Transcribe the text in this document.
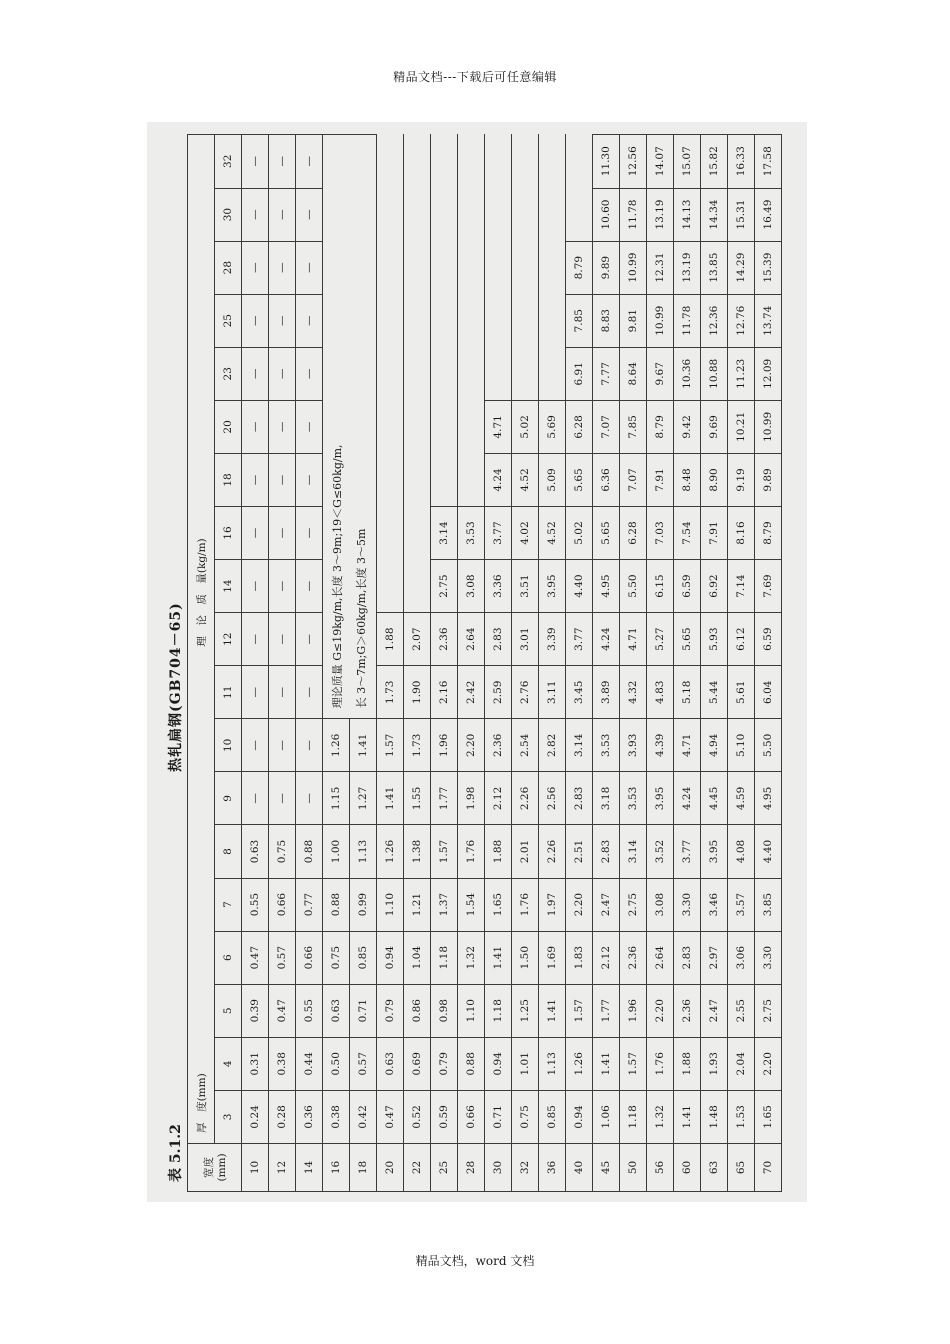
精品文档---下载后可任意编辑
表 5.1.2
热轧扁钢(GB704－65)
宽度 (mm)	厚　度(mm)  理　论　质　量(kg/m)																		
	3	4	5	6	7	8	9	10	11	12	14	16	18	20	23	25	28	30	32
10	0.24	0.31	0.39	0.47	0.55	0.63	—	—	—	—	—	—	—	—	—	—	—	—	—
12	0.28	0.38	0.47	0.57	0.66	0.75	—	—	—	—	—	—	—	—	—	—	—	—	—
14	0.36	0.44	0.55	0.66	0.77	0.88	—	—	—	—	—	—	—	—	—	—	—	—	—
16	0.38	0.50	0.63	0.75	0.88	1.00	1.15	1.26	理论质量 G≤19kg/m,长度 3～9m;19＜G≤60kg/m, 长 3～7m;G＞60kg/m,长度 3～5m										

18	0.42	0.57	0.71	0.85	0.99	1.13	1.27	1.41											
20	0.47	0.63	0.79	0.94	1.10	1.26	1.41	1.57	1.73	1.88									
22	0.52	0.69	0.86	1.04	1.21	1.38	1.55	1.73	1.90	2.07									
25	0.59	0.79	0.98	1.18	1.37	1.57	1.77	1.96	2.16	2.36	2.75	3.14							
28	0.66	0.88	1.10	1.32	1.54	1.76	1.98	2.20	2.42	2.64	3.08	3.53							
30	0.71	0.94	1.18	1.41	1.65	1.88	2.12	2.36	2.59	2.83	3.36	3.77	4.24	4.71					
32	0.75	1.01	1.25	1.50	1.76	2.01	2.26	2.54	2.76	3.01	3.51	4.02	4.52	5.02					
36	0.85	1.13	1.41	1.69	1.97	2.26	2.56	2.82	3.11	3.39	3.95	4.52	5.09	5.69					
40	0.94	1.26	1.57	1.83	2.20	2.51	2.83	3.14	3.45	3.77	4.40	5.02	5.65	6.28	6.91	7.85	8.79		
45	1.06	1.41	1.77	2.12	2.47	2.83	3.18	3.53	3.89	4.24	4.95	5.65	6.36	7.07	7.77	8.83	9.89	10.60	11.30
50	1.18	1.57	1.96	2.36	2.75	3.14	3.53	3.93	4.32	4.71	5.50	6.28	7.07	7.85	8.64	9.81	10.99	11.78	12.56
56	1.32	1.76	2.20	2.64	3.08	3.52	3.95	4.39	4.83	5.27	6.15	7.03	7.91	8.79	9.67	10.99	12.31	13.19	14.07
60	1.41	1.88	2.36	2.83	3.30	3.77	4.24	4.71	5.18	5.65	6.59	7.54	8.48	9.42	10.36	11.78	13.19	14.13	15.07
63	1.48	1.93	2.47	2.97	3.46	3.95	4.45	4.94	5.44	5.93	6.92	7.91	8.90	9.69	10.88	12.36	13.85	14.34	15.82
65	1.53	2.04	2.55	3.06	3.57	4.08	4.59	5.10	5.61	6.12	7.14	8.16	9.19	10.21	11.23	12.76	14.29	15.31	16.33
70	1.65	2.20	2.75	3.30	3.85	4.40	4.95	5.50	6.04	6.59	7.69	8.79	9.89	10.99	12.09	13.74	15.39	16.49	17.58
精品文档，word 文档
